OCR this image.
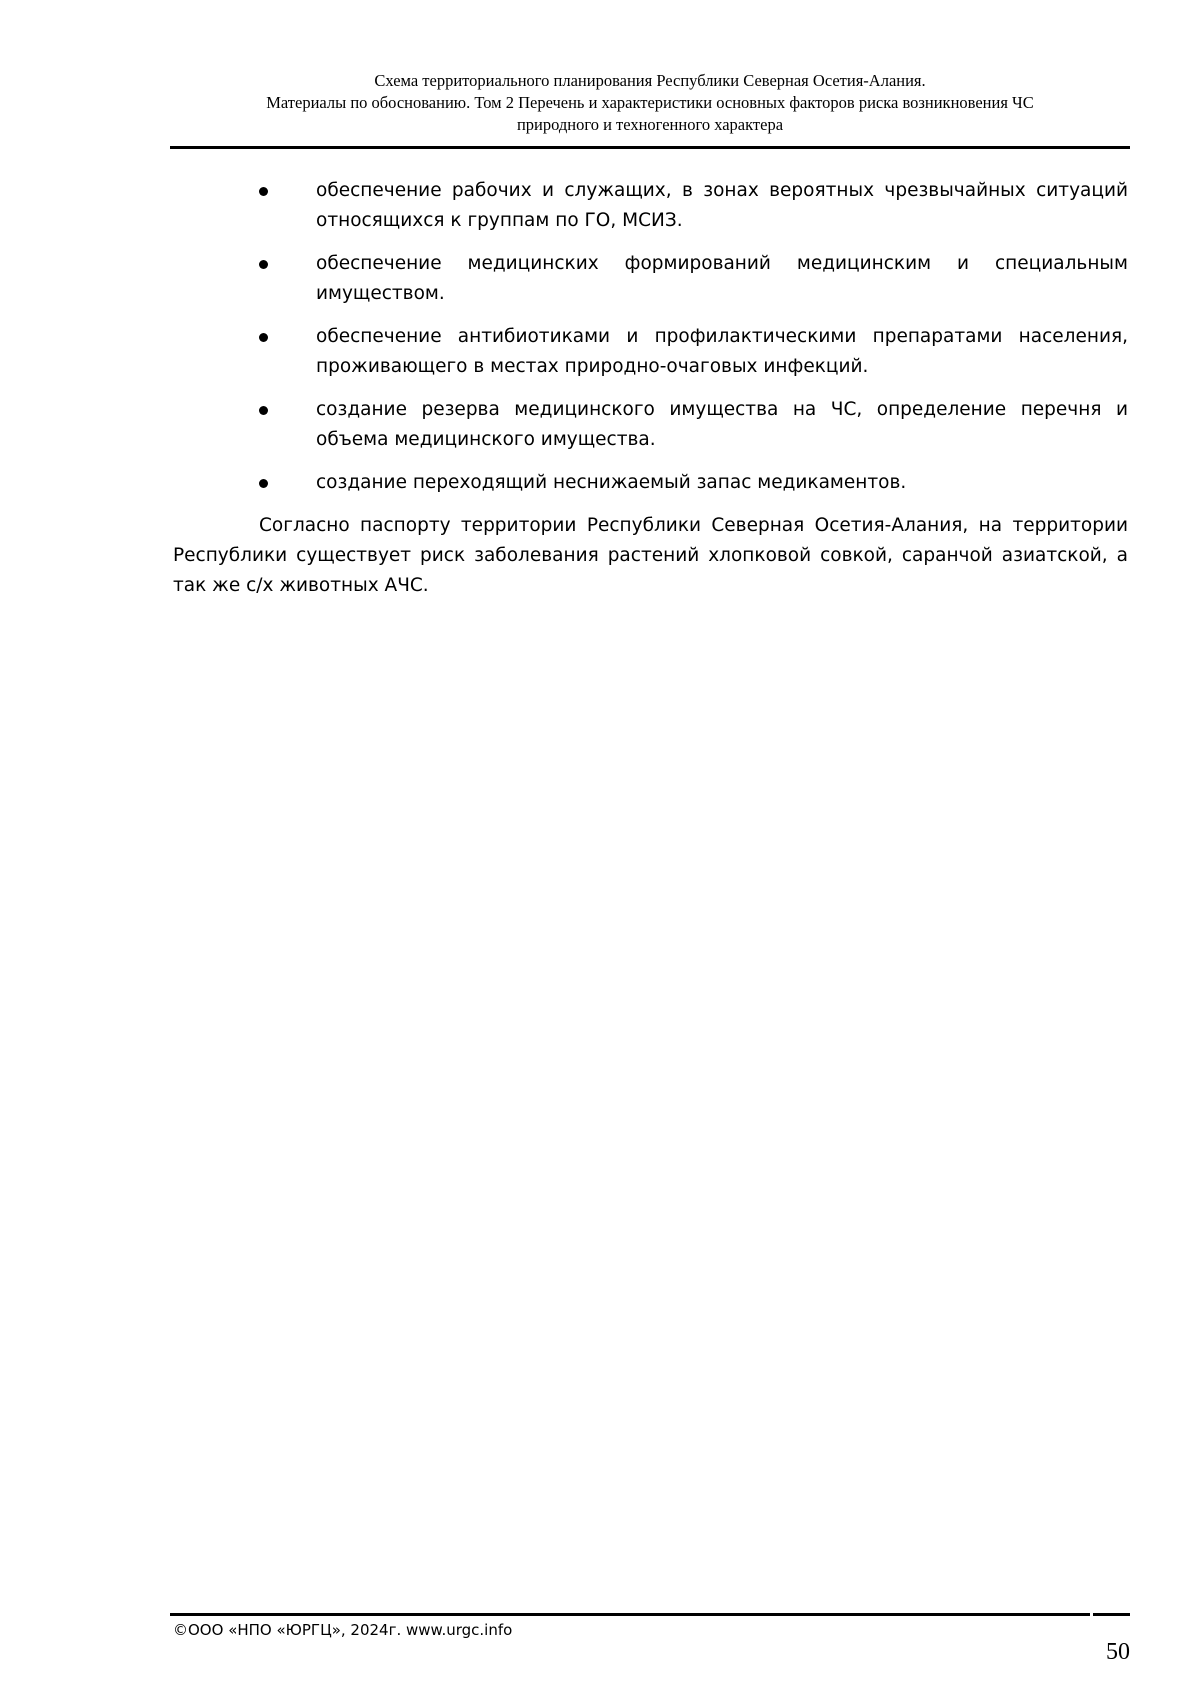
Схема территориального планирования Республики Северная Осетия-Алания.
Материалы по обоснованию. Том 2 Перечень и характеристики основных факторов риска возникновения ЧС
природного и техногенного характера
обеспечение рабочих и служащих, в зонах вероятных чрезвычайных ситуаций относящихся к группам по ГО, МСИЗ.
обеспечение медицинских формирований медицинским и специальным имуществом.
обеспечение антибиотиками и профилактическими препаратами населения, проживающего в местах природно-очаговых инфекций.
создание резерва медицинского имущества на ЧС, определение перечня и объема медицинского имущества.
создание переходящий неснижаемый запас медикаментов.

Согласно паспорту территории Республики Северная Осетия-Алания, на территории Республики существует риск заболевания растений хлопковой совкой, саранчой азиатской, а так же с/х животных АЧС.

©ООО «НПО «ЮРГЦ», 2024г. www.urgc.info
50
